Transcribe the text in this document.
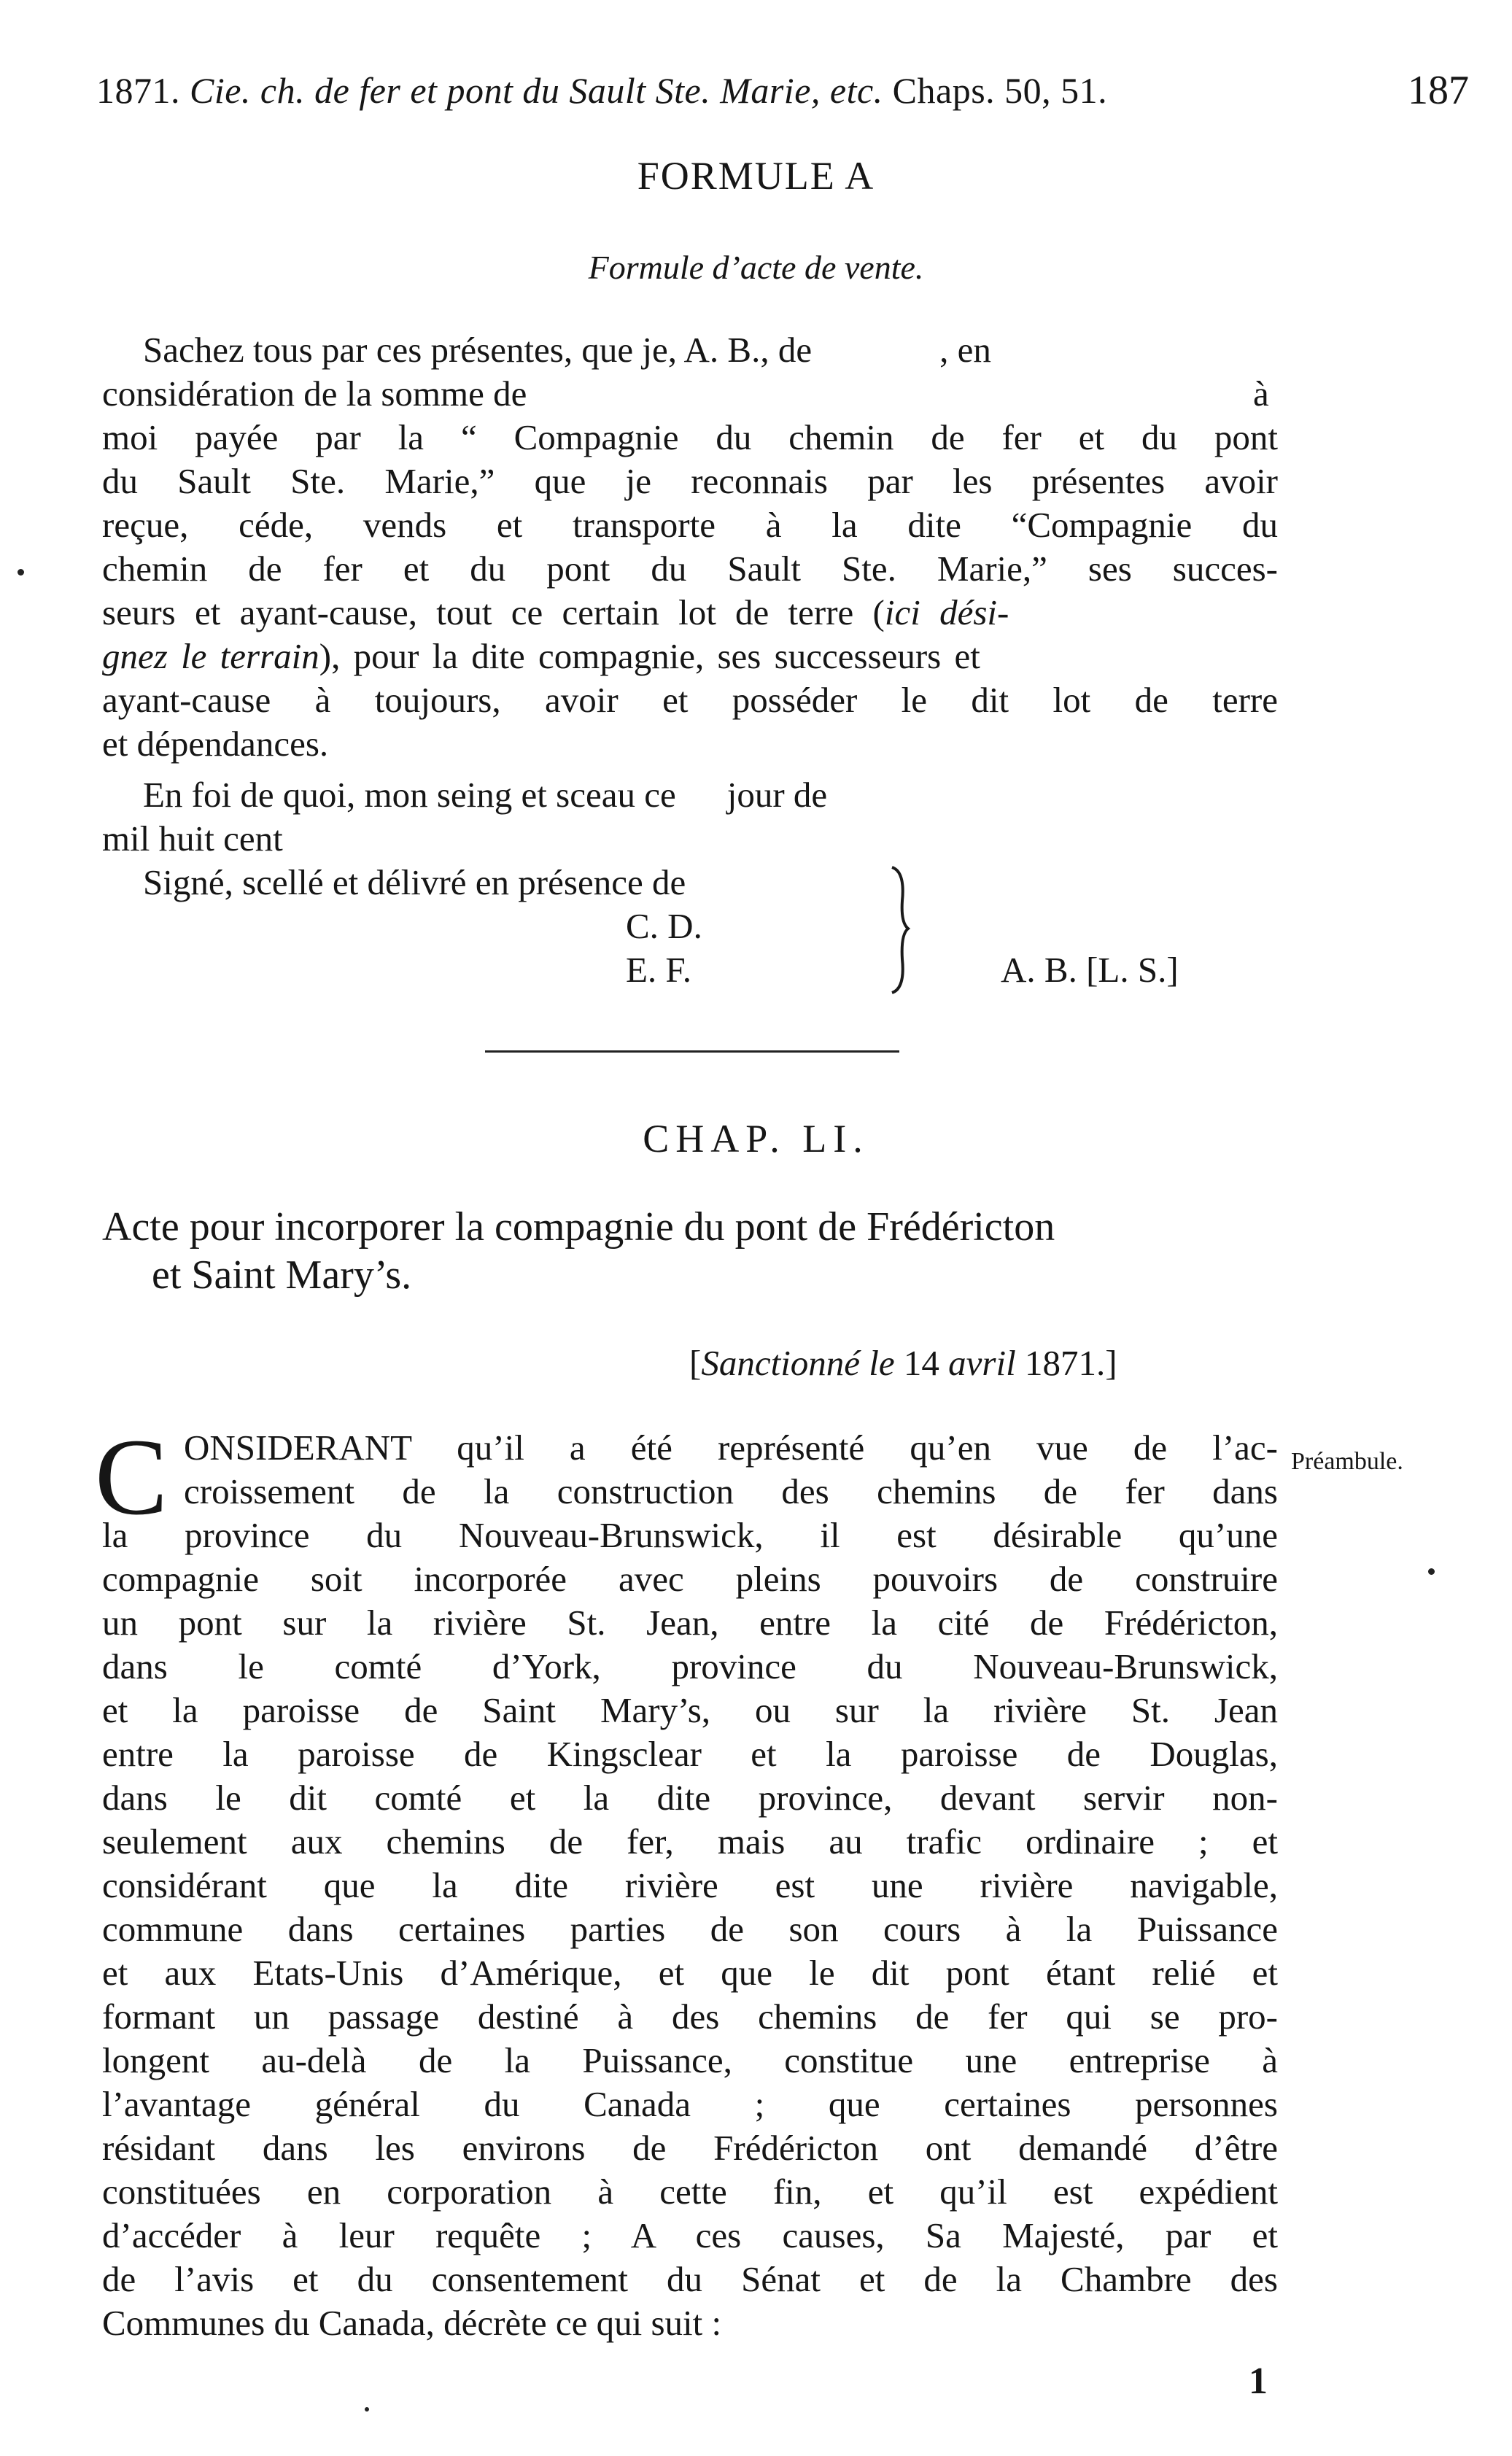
1871. Cie. ch. de fer et pont du Sault Ste. Marie, etc. Chaps. 50, 51.	187
FORMULE A
Formule d’acte de vente.
Sachez tous par ces présentes, que je, A. B., de	, en
considération de la somme de	à
moi payée par la “ Compagnie du chemin de fer et du pont
du Sault Ste. Marie,” que je reconnais par les présentes avoir
reçue, céde, vends et transporte à la dite “Compagnie du
chemin de fer et du pont du Sault Ste. Marie,” ses succes-
seurs et ayant-cause, tout ce certain lot de terre (ici dési-
gnez le terrain), pour la dite compagnie, ses successeurs et
ayant-cause à toujours, avoir et posséder le dit lot de terre
et dépendances.
En foi de quoi, mon seing et sceau ce jour de
mil huit cent
Signé, scellé et délivré en présence de
C. D.
E. F.	A. B. [L. S.]
CHAP. LI.
Acte pour incorporer la compagnie du pont de Frédéricton
et Saint Mary’s.
[Sanctionné le 14 avril 1871.]
Préambule.
C ONSIDERANT qu’il a été représenté qu’en vue de l’ac-
croissement de la construction des chemins de fer dans
la province du Nouveau-Brunswick, il est désirable qu’une
compagnie soit incorporée avec pleins pouvoirs de construire
un pont sur la rivière St. Jean, entre la cité de Frédéricton,
dans le comté d’York, province du Nouveau-Brunswick,
et la paroisse de Saint Mary’s, ou sur la rivière St. Jean
entre la paroisse de Kingsclear et la paroisse de Douglas,
dans le dit comté et la dite province, devant servir non-
seulement aux chemins de fer, mais au trafic ordinaire ; et
considérant que la dite rivière est une rivière navigable,
commune dans certaines parties de son cours à la Puissance
et aux Etats-Unis d’Amérique, et que le dit pont étant relié et
formant un passage destiné à des chemins de fer qui se pro-
longent au-delà de la Puissance, constitue une entreprise à
l’avantage général du Canada ; que certaines personnes
résidant dans les environs de Frédéricton ont demandé d’être
constituées en corporation à cette fin, et qu’il est expédient
d’accéder à leur requête ; A ces causes, Sa Majesté, par et
de l’avis et du consentement du Sénat et de la Chambre des
Communes du Canada, décrète ce qui suit :
1
